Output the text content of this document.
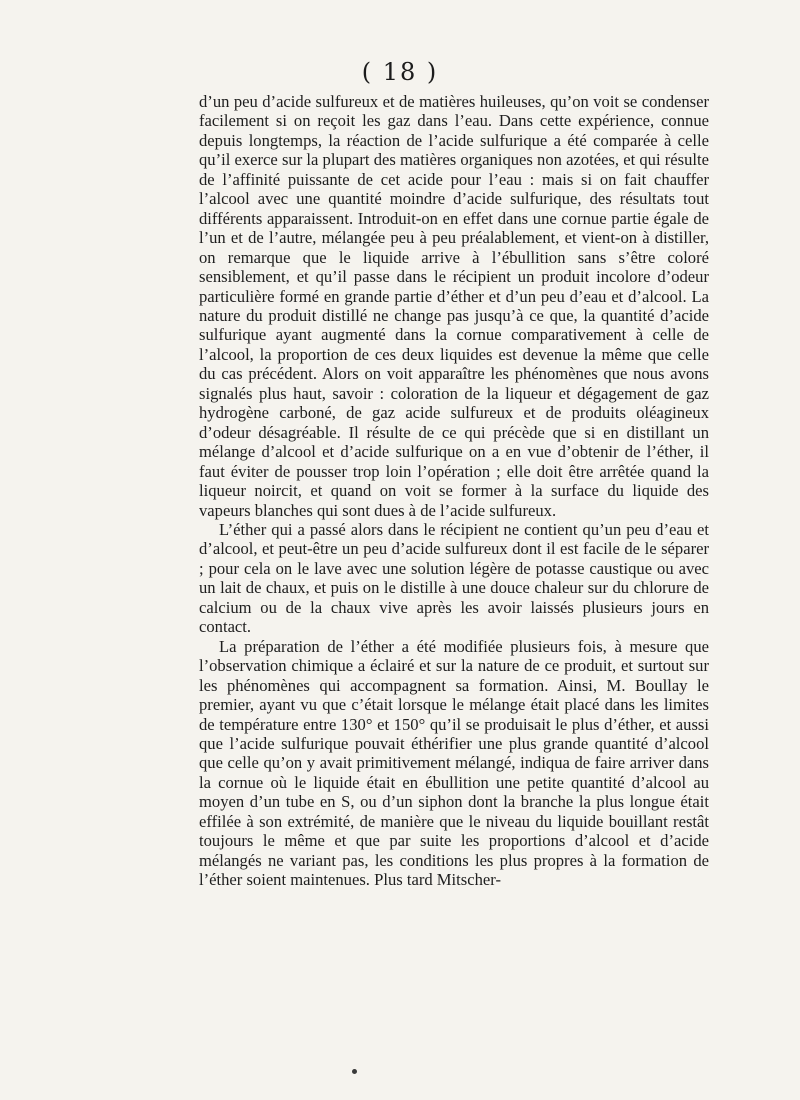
( 18 )

d’un peu d’acide sulfureux et de matières huileuses, qu’on voit se condenser facilement si on reçoit les gaz dans l’eau. Dans cette expérience, connue depuis longtemps, la réaction de l’acide sulfurique a été comparée à celle qu’il exerce sur la plupart des matières organiques non azotées, et qui résulte de l’affinité puissante de cet acide pour l’eau : mais si on fait chauffer l’alcool avec une quantité moindre d’acide sulfurique, des résultats tout différents apparaissent. Introduit-on en effet dans une cornue partie égale de l’un et de l’autre, mélangée peu à peu préalablement, et vient-on à distiller, on remarque que le liquide arrive à l’ébullition sans s’être coloré sensiblement, et qu’il passe dans le récipient un produit incolore d’odeur particulière formé en grande partie d’éther et d’un peu d’eau et d’alcool. La nature du produit distillé ne change pas jusqu’à ce que, la quantité d’acide sulfurique ayant augmenté dans la cornue comparativement à celle de l’alcool, la proportion de ces deux liquides est devenue la même que celle du cas précédent. Alors on voit apparaître les phénomènes que nous avons signalés plus haut, savoir : coloration de la liqueur et dégagement de gaz hydrogène carboné, de gaz acide sulfureux et de produits oléagineux d’odeur désagréable. Il résulte de ce qui précède que si en distillant un mélange d’alcool et d’acide sulfurique on a en vue d’obtenir de l’éther, il faut éviter de pousser trop loin l’opération ; elle doit être arrêtée quand la liqueur noircit, et quand on voit se former à la surface du liquide des vapeurs blanches qui sont dues à de l’acide sulfureux.

L’éther qui a passé alors dans le récipient ne contient qu’un peu d’eau et d’alcool, et peut-être un peu d’acide sulfureux dont il est facile de le séparer ; pour cela on le lave avec une solution légère de potasse caustique ou avec un lait de chaux, et puis on le distille à une douce chaleur sur du chlorure de calcium ou de la chaux vive après les avoir laissés plusieurs jours en contact.

La préparation de l’éther a été modifiée plusieurs fois, à mesure que l’observation chimique a éclairé et sur la nature de ce produit, et surtout sur les phénomènes qui accompagnent sa formation. Ainsi, M. Boullay le premier, ayant vu que c’était lorsque le mélange était placé dans les limites de température entre 130° et 150° qu’il se produisait le plus d’éther, et aussi que l’acide sulfurique pouvait éthérifier une plus grande quantité d’alcool que celle qu’on y avait primitivement mélangé, indiqua de faire arriver dans la cornue où le liquide était en ébullition une petite quantité d’alcool au moyen d’un tube en S, ou d’un siphon dont la branche la plus longue était effilée à son extrémité, de manière que le niveau du liquide bouillant restât toujours le même et que par suite les proportions d’alcool et d’acide mélangés ne variant pas, les conditions les plus propres à la formation de l’éther soient maintenues. Plus tard Mitscher-
